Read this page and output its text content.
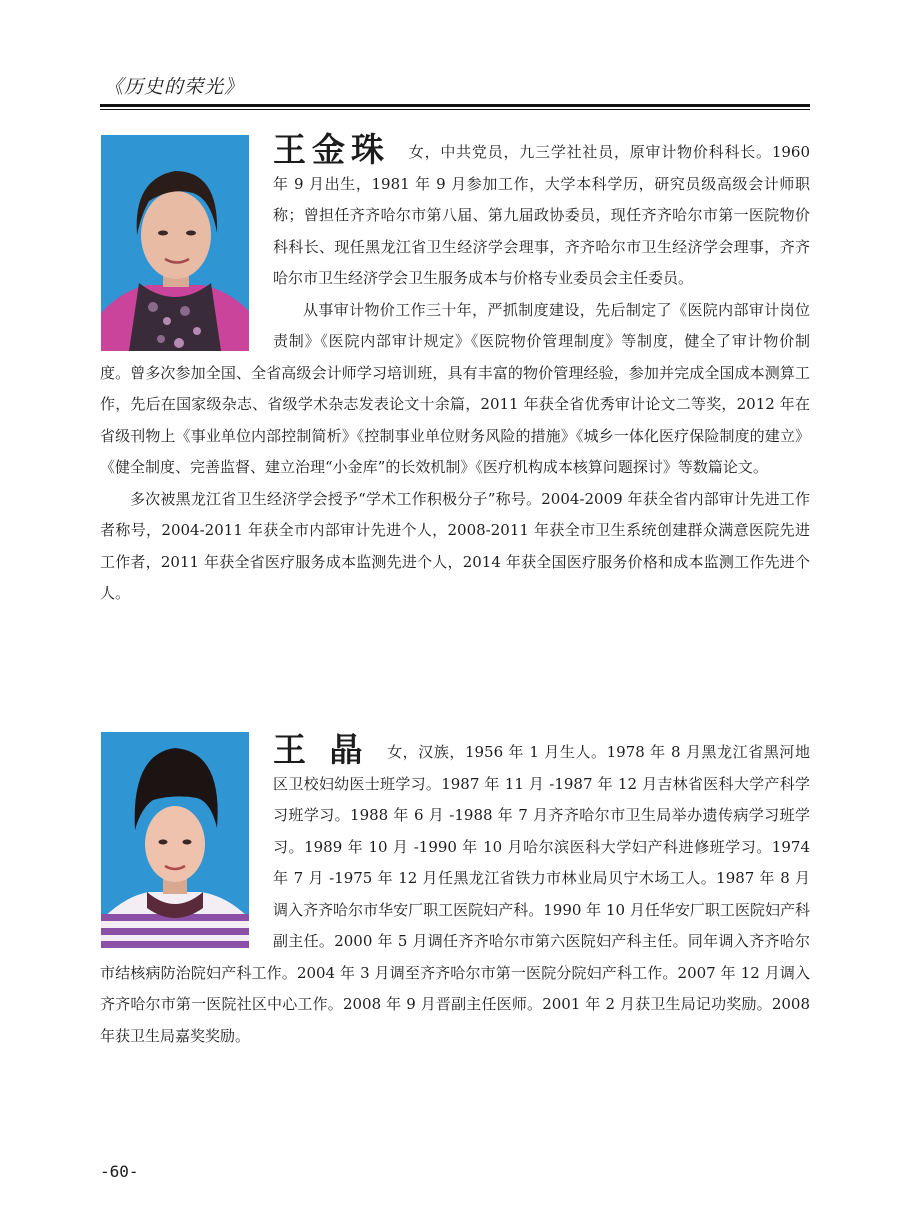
《历史的荣光》
王金珠 女，中共党员，九三学社社员，原审计物价科科长。1960 年 9 月出生，1981 年 9 月参加工作，大学本科学历，研究员级高级会计师职称；曾担任齐齐哈尔市第八届、第九届政协委员，现任齐齐哈尔市第一医院物价科科长、现任黑龙江省卫生经济学会理事，齐齐哈尔市卫生经济学会理事，齐齐哈尔市卫生经济学会卫生服务成本与价格专业委员会主任委员。
从事审计物价工作三十年，严抓制度建设，先后制定了《医院内部审计岗位责制》《医院内部审计规定》《医院物价管理制度》等制度，健全了审计物价制度。曾多次参加全国、全省高级会计师学习培训班，具有丰富的物价管理经验，参加并完成全国成本测算工作，先后在国家级杂志、省级学术杂志发表论文十余篇，2011 年获全省优秀审计论文二等奖，2012 年在省级刊物上《事业单位内部控制简析》《控制事业单位财务风险的措施》《城乡一体化医疗保险制度的建立》《健全制度、完善监督、建立治理“小金库”的长效机制》《医疗机构成本核算问题探讨》等数篇论文。
多次被黑龙江省卫生经济学会授予“学术工作积极分子”称号。2004-2009 年获全省内部审计先进工作者称号，2004-2011 年获全市内部审计先进个人，2008-2011 年获全市卫生系统创建群众满意医院先进工作者，2011 年获全省医疗服务成本监测先进个人，2014 年获全国医疗服务价格和成本监测工作先进个人。
王 晶 女，汉族，1956 年 1 月生人。1978 年 8 月黑龙江省黑河地区卫校妇幼医士班学习。1987 年 11 月 -1987 年 12 月吉林省医科大学产科学习班学习。1988 年 6 月 -1988 年 7 月齐齐哈尔市卫生局举办遗传病学习班学习。1989 年 10 月 -1990 年 10 月哈尔滨医科大学妇产科进修班学习。1974 年 7 月 -1975 年 12 月任黑龙江省铁力市林业局贝宁木场工人。1987 年 8 月调入齐齐哈尔市华安厂职工医院妇产科。1990 年 10 月任华安厂职工医院妇产科副主任。2000 年 5 月调任齐齐哈尔市第六医院妇产科主任。同年调入齐齐哈尔市结核病防治院妇产科工作。2004 年 3 月调至齐齐哈尔市第一医院分院妇产科工作。2007 年 12 月调入齐齐哈尔市第一医院社区中心工作。2008 年 9 月晋副主任医师。2001 年 2 月获卫生局记功奖励。2008 年获卫生局嘉奖奖励。
-60-
